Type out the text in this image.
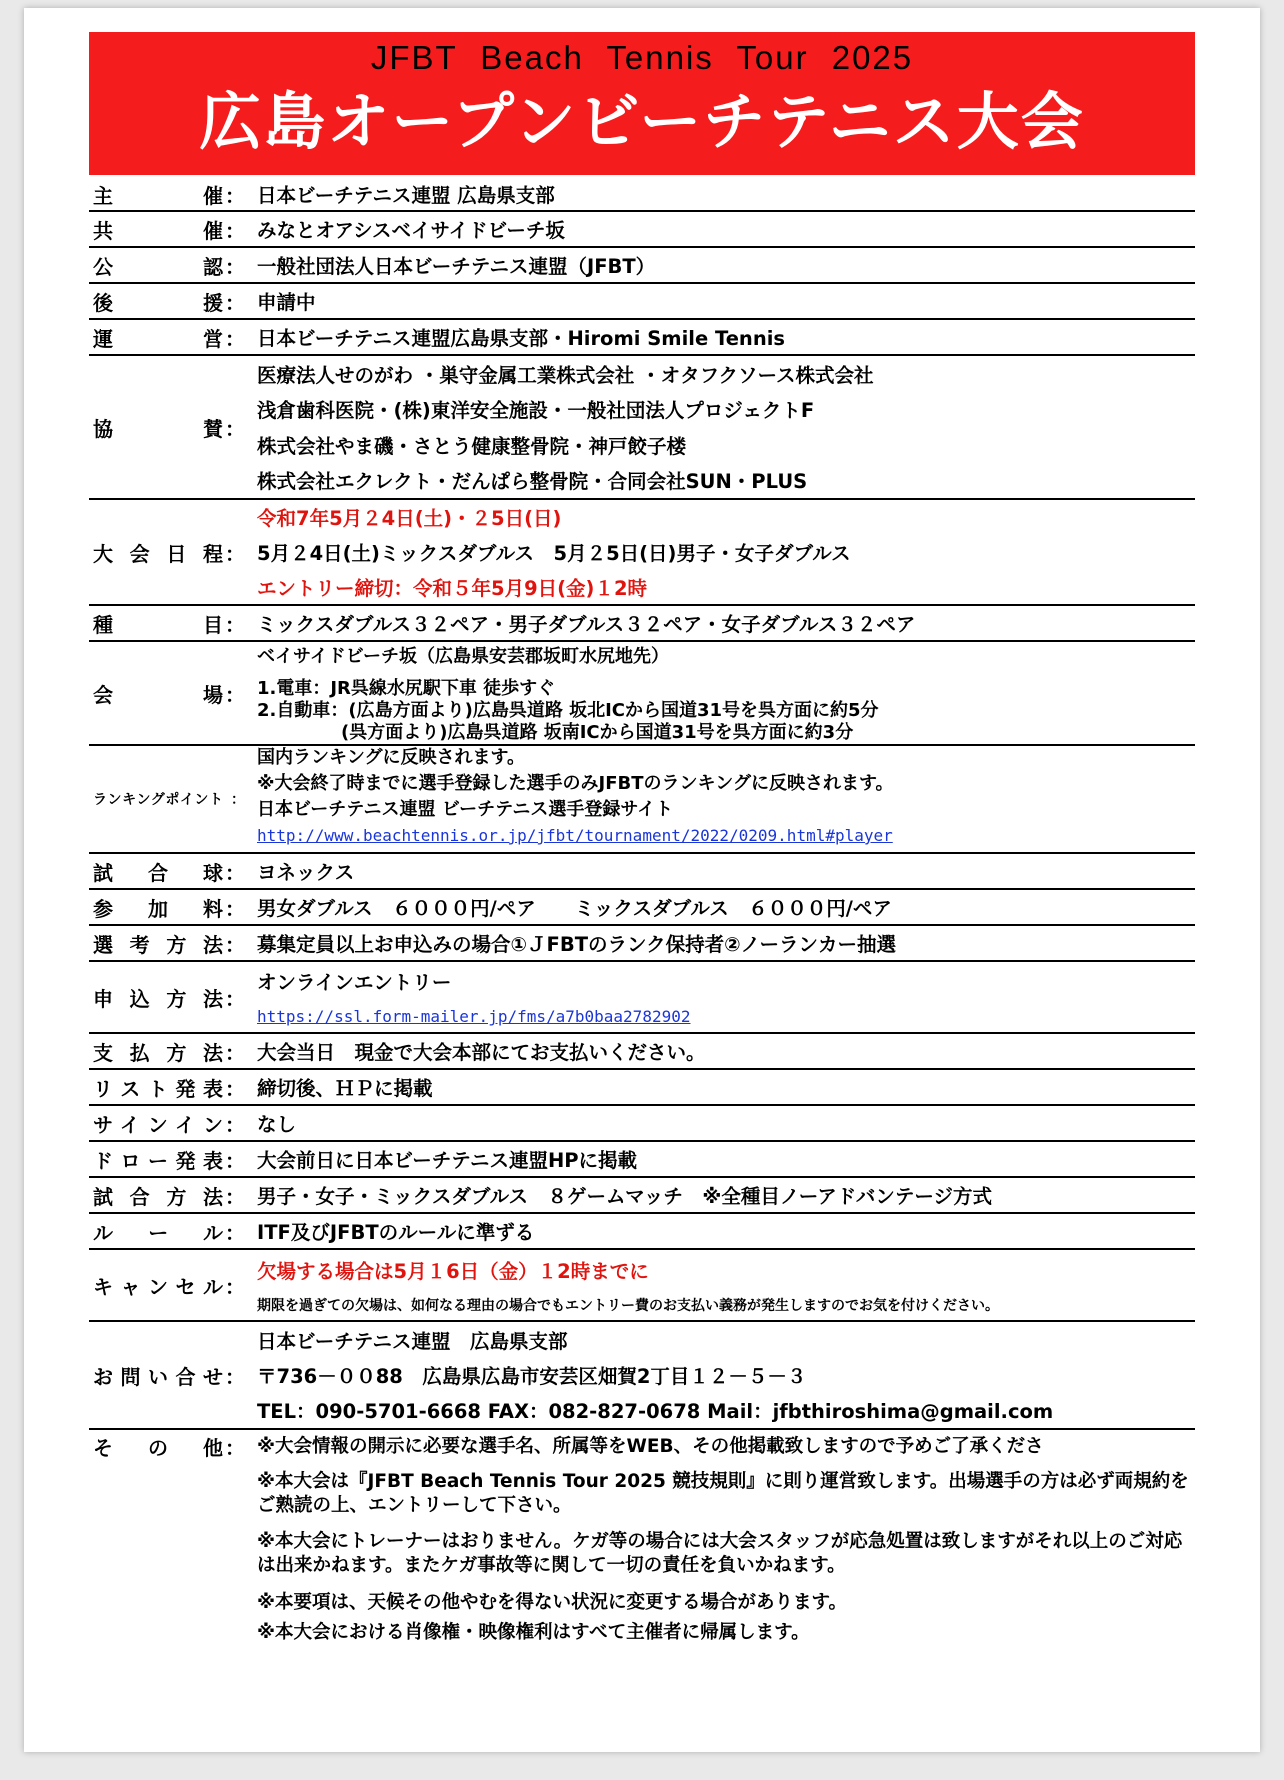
JFBT Beach Tennis Tour 2025
広島オープンビーチテニス大会
主　　催 ： 日本ビーチテニス連盟 広島県支部
共　　催 ： みなとオアシスベイサイドビーチ坂
公　　認 ： 一般社団法人日本ビーチテニス連盟（JFBT）
後　　援 ： 申請中
運　　営 ： 日本ビーチテニス連盟広島県支部・Hiromi Smile Tennis
協　　賛 ：
医療法人せのがわ ・巣守金属工業株式会社 ・オタフクソース株式会社
浅倉歯科医院・(株)東洋安全施設・一般社団法人プロジェクトF
株式会社やま磯・さとう健康整骨院・神戸餃子楼
株式会社エクレクト・だんぱら整骨院・合同会社SUN・PLUS
大会日程 ：
令和7年5月２4日(土)・２5日(日)
5月２4日(土)ミックスダブルス　5月２5日(日)男子・女子ダブルス
エントリー締切：令和５年5月9日(金)１2時
種　　目 ： ミックスダブルス３２ペア・男子ダブルス３２ペア・女子ダブルス３２ペア
会　　場 ：
ベイサイドビーチ坂（広島県安芸郡坂町水尻地先）
1.電車：JR呉線水尻駅下車 徒歩すぐ
2.自動車：(広島方面より)広島呉道路 坂北ICから国道31号を呉方面に約5分
(呉方面より)広島呉道路 坂南ICから国道31号を呉方面に約3分
ランキングポイント ：
国内ランキングに反映されます。
※大会終了時までに選手登録した選手のみJFBTのランキングに反映されます。
日本ビーチテニス連盟 ビーチテニス選手登録サイト
http://www.beachtennis.or.jp/jfbt/tournament/2022/0209.html#player
試合球 ： ヨネックス
参加料 ： 男女ダブルス　６０００円/ペア　　ミックスダブルス　６０００円/ペア
選考方法 ： 募集定員以上お申込みの場合①ＪFBTのランク保持者②ノーランカー抽選
申込方法 ：
オンラインエントリー
https://ssl.form-mailer.jp/fms/a7b0baa2782902
支払方法 ： 大会当日　現金で大会本部にてお支払いください。
リスト発表 ： 締切後、ＨＰに掲載
サインイン ： なし
ドロー発表 ： 大会前日に日本ビーチテニス連盟HPに掲載
試合方法 ： 男子・女子・ミックスダブルス　８ゲームマッチ　※全種目ノーアドバンテージ方式
ルール ： ITF及びJFBTのルールに準ずる
キャンセル ：
欠場する場合は5月１6日（金）１2時までに
期限を過ぎての欠場は、如何なる理由の場合でもエントリー費のお支払い義務が発生しますのでお気を付けください。
お問い合せ ：
日本ビーチテニス連盟　広島県支部
〒736－００88　広島県広島市安芸区畑賀2丁目１２－５－３
TEL：090-5701-6668 FAX：082-827-0678 Mail：jfbthiroshima@gmail.com
そ　の　他 ： ※大会情報の開示に必要な選手名、所属等をWEB、その他掲載致しますので予めご了承くださ
※本大会は『JFBT Beach Tennis Tour 2025 競技規則』に則り運営致します。出場選手の方は必ず両規約をご熟読の上、エントリーして下さい。
※本大会にトレーナーはおりません。ケガ等の場合には大会スタッフが応急処置は致しますがそれ以上のご対応は出来かねます。またケガ事故等に関して一切の責任を負いかねます。
※本要項は、天候その他やむを得ない状況に変更する場合があります。
※本大会における肖像権・映像権利はすべて主催者に帰属します。
